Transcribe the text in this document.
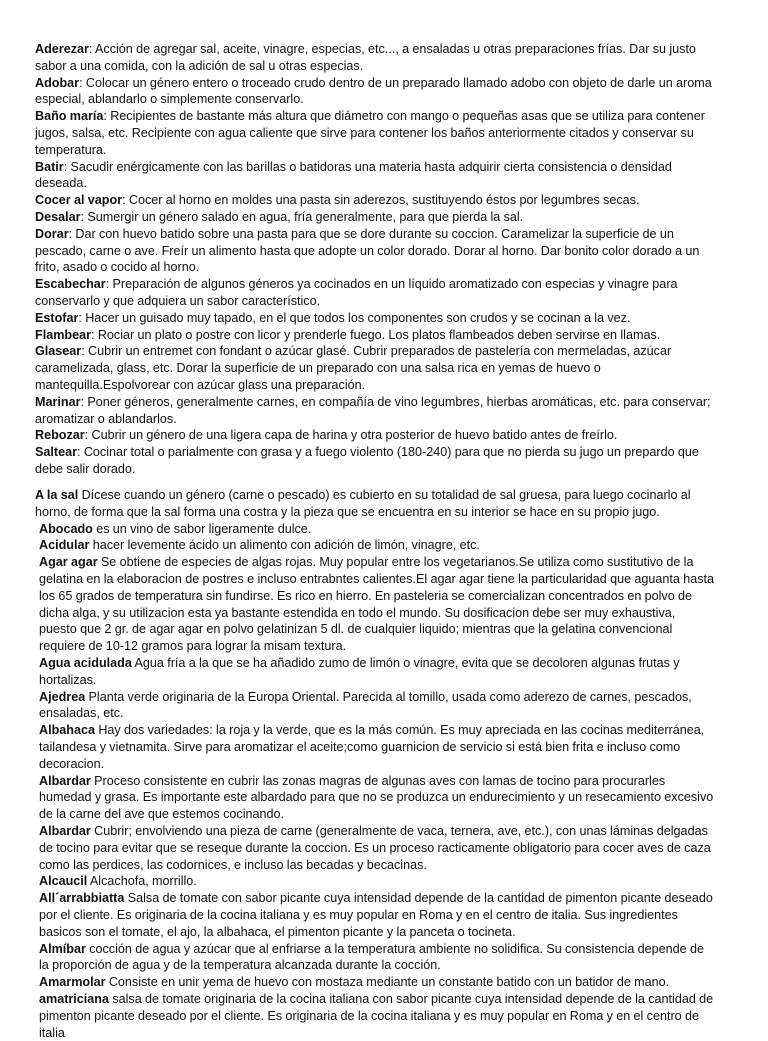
Aderezar: Acción de agregar sal, aceite, vinagre, especias, etc..., a ensaladas u otras preparaciones frías. Dar su justo sabor a una comida, con la adición de sal u otras especias.

Adobar: Colocar un género entero o troceado crudo dentro de un preparado llamado adobo con objeto de darle un aroma especial, ablandarlo o simplemente conservarlo.

Baño maría: Recipientes de bastante más altura que diámetro con mango o pequeñas asas que se utiliza para contener jugos, salsa, etc. Recipiente con agua caliente que sirve para contener los baños anteriormente citados y conservar su temperatura.

Batir: Sacudir enérgicamente con las barillas o batidoras una materia hasta adquirir cierta consistencia o densidad deseada.

Cocer al vapor: Cocer al horno en moldes una pasta sin aderezos, sustituyendo éstos por legumbres secas.

Desalar: Sumergir un género salado en agua, fría generalmente, para que pierda la sal.

Dorar: Dar con huevo batido sobre una pasta para que se dore durante su coccion. Caramelizar la superficie de un pescado, carne o ave. Freír un alimento hasta que adopte un color dorado. Dorar al horno. Dar bonito color dorado a un frito, asado o cocido al horno.

Escabechar: Preparación de algunos géneros ya cocinados en un líquido aromatizado con especias y vinagre para conservarlo y que adquiera un sabor característico.

Estofar: Hacer un guisado muy tapado, en el que todos los componentes son crudos y se cocinan a la vez.

Flambear: Rociar un plato o postre con licor y prenderle fuego. Los platos flambeados deben servirse en llamas.

Glasear: Cubrir un entremet con fondant o azúcar glasé. Cubrir preparados de pastelería con mermeladas, azúcar caramelizada, glass, etc. Dorar la superficie de un preparado con una salsa rica en yemas de huevo o mantequilla.Espolvorear con azúcar glass una preparación.

Marinar: Poner géneros, generalmente carnes, en compañía de vino legumbres, hierbas aromáticas, etc. para conservar; aromatizar o ablandarlos.

Rebozar: Cubrir un género de una ligera capa de harina y otra posterior de huevo batido antes de freírlo.

Saltear: Cocinar total o parialmente con grasa y a fuego violento (180-240) para que no pierda su jugo un prepardo que debe salir dorado.

A la sal Dícese cuando un género (carne o pescado) es cubierto en su totalidad de sal gruesa, para luego cocinarlo al horno, de forma que la sal forma una costra y la pieza que se encuentra en su interior se hace en su propio jugo.

Abocado es un vino de sabor ligeramente dulce.

Acidular hacer levemente ácido un alimento con adición de limón, vinagre, etc.

Agar agar Se obtiene de especies de algas rojas. Muy popular entre los vegetarianos.Se utiliza como sustitutivo de la gelatina en la elaboracion de postres e incluso entrabntes calientes.El agar agar tiene la particularidad que aguanta hasta los 65 grados de temperatura sin fundirse. Es rico en hierro. En pasteleria se comercializan concentrados en polvo de dicha alga, y su utilizacion esta ya bastante estendida en todo el mundo. Su dosificacion debe ser muy exhaustiva, puesto que 2 gr. de agar agar en polvo gelatinizan 5 dl. de cualquier liquido; mientras que la gelatina convencional requiere de 10-12 gramos para lograr la misam textura.

Agua acidulada Agua fría a la que se ha añadido zumo de limón o vinagre, evita que se decoloren algunas frutas y hortalizas.

Ajedrea Planta verde originaria de la Europa Oriental. Parecida al tomillo, usada como aderezo de carnes, pescados, ensaladas, etc.

Albahaca Hay dos variedades: la roja y la verde, que es la más común. Es muy apreciada en las cocinas mediterránea, tailandesa y vietnamita. Sirve para aromatizar el aceite;como guarnicion de servicio si está bien frita e incluso como decoracion.

Albardar Proceso consistente en cubrir las zonas magras de algunas aves con lamas de tocino para procurarles humedad y grasa. Es importante este albardado para que no se produzca un endurecimiento y un resecamiento excesivo de la carne del ave que estemos cocinando.

Albardar Cubrir; envolviendo una pieza de carne (generalmente de vaca, ternera, ave, etc.), con unas láminas delgadas de tocino para evitar que se reseque durante la coccion. Es un proceso racticamente obligatorio para cocer aves de caza como las perdices, las codornices, e incluso las becadas y becacinas.

Alcaucil Alcachofa, morrillo.

All´arrabbiatta Salsa de tomate con sabor picante cuya intensidad depende de la cantidad de pimenton picante deseado por el cliente. Es originaria de la cocina italiana y es muy popular en Roma y en el centro de italia. Sus ingredientes basicos son el tomate, el ajo, la albahaca, el pimenton picante y la panceta o tocineta.

Almíbar cocción de agua y azúcar que al enfriarse a la temperatura ambiente no solidifica. Su consistencia depende de la proporción de agua y de la temperatura alcanzada durante la cocción.

Amarmolar Consiste en unir yema de huevo con mostaza mediante un constante batido con un batidor de mano.

amatriciana salsa de tomate originaria de la cocina italiana con sabor picante cuya intensidad depende de la cantidad de pimenton picante deseado por el cliente. Es originaria de la cocina italiana y es muy popular en Roma y en el centro de italia
